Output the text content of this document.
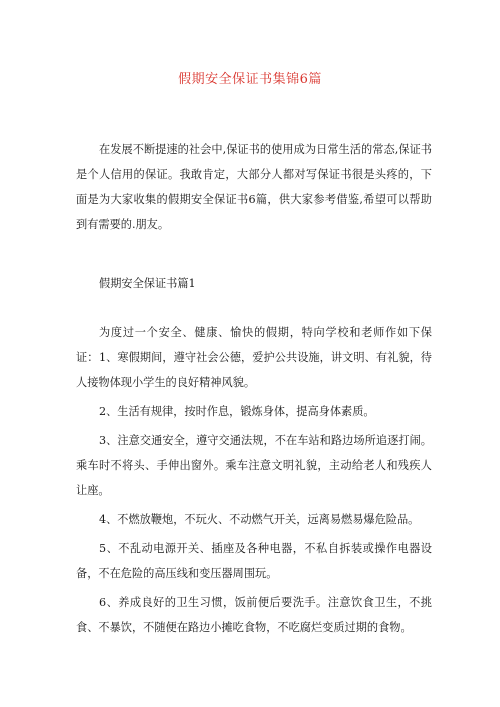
假期安全保证书集锦6篇

在发展不断提速的社会中,保证书的使用成为日常生活的常态,保证书是个人信用的保证。我敢肯定，大部分人都对写保证书很是头疼的，下面是为大家收集的假期安全保证书6篇，供大家参考借鉴,希望可以帮助到有需要的.朋友。

假期安全保证书篇1

为度过一个安全、健康、愉快的假期，特向学校和老师作如下保证： 1、寒假期间，遵守社会公德，爱护公共设施，讲文明、有礼貌，待人接物体现小学生的良好精神风貌。

2、生活有规律，按时作息，锻炼身体，提高身体素质。

3、注意交通安全，遵守交通法规，不在车站和路边场所追逐打闹。乘车时不将头、手伸出窗外。乘车注意文明礼貌，主动给老人和残疾人让座。

4、不燃放鞭炮，不玩火、不动燃气开关，远离易燃易爆危险品。

5、不乱动电源开关、插座及各种电器，不私自拆装或操作电器设备，不在危险的高压线和变压器周围玩。

6、养成良好的卫生习惯，饭前便后要洗手。注意饮食卫生，不挑食、不暴饮，不随便在路边小摊吃食物，不吃腐烂变质过期的食物。
